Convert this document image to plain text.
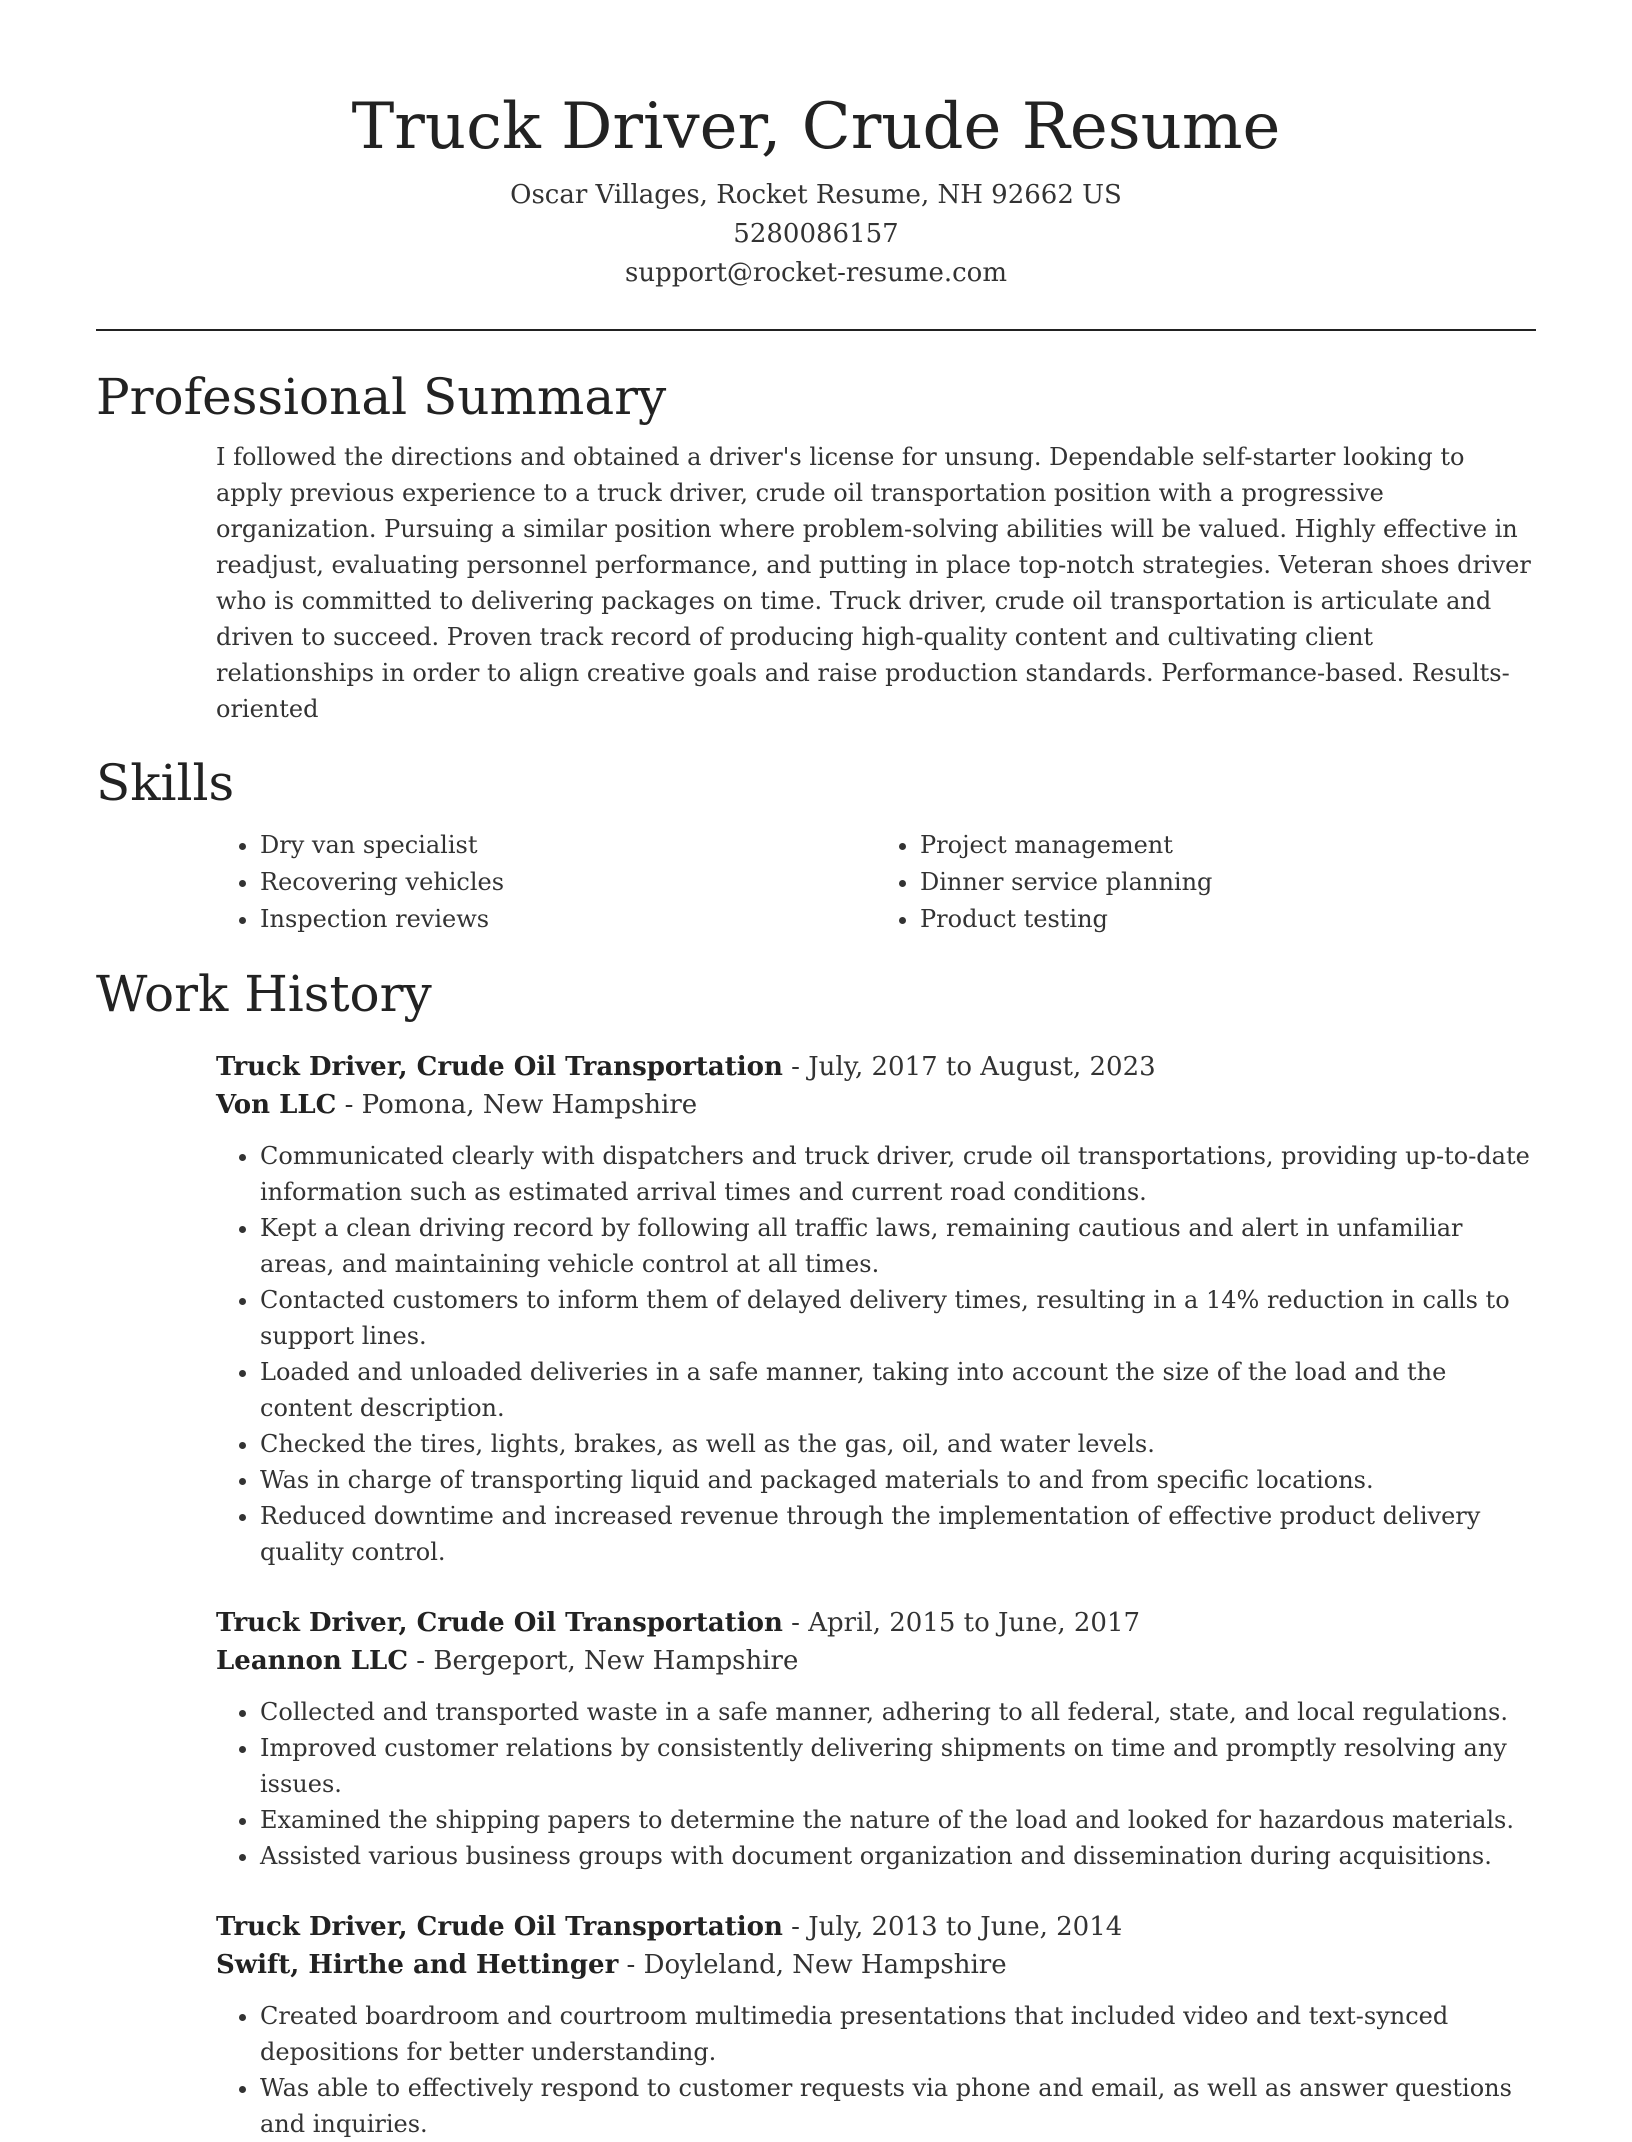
Truck Driver, Crude Resume
Oscar Villages, Rocket Resume, NH 92662 US
5280086157
support@rocket-resume.com
Professional Summary

I followed the directions and obtained a driver's license for unsung. Dependable self-starter looking to apply previous experience to a truck driver, crude oil transportation position with a progressive organization. Pursuing a similar position where problem-solving abilities will be valued. Highly effective in readjust, evaluating personnel performance, and putting in place top-notch strategies. Veteran shoes driver who is committed to delivering packages on time. Truck driver, crude oil transportation is articulate and driven to succeed. Proven track record of producing high-quality content and cultivating client relationships in order to align creative goals and raise production standards. Performance-based. Results-oriented

Skills
• Dry van specialist
• Recovering vehicles
• Inspection reviews
• Project management
• Dinner service planning
• Product testing
Work History
Truck Driver, Crude Oil Transportation - July, 2017 to August, 2023
Von LLC - Pomona, New Hampshire
• Communicated clearly with dispatchers and truck driver, crude oil transportations, providing up-to-date information such as estimated arrival times and current road conditions.
• Kept a clean driving record by following all traffic laws, remaining cautious and alert in unfamiliar areas, and maintaining vehicle control at all times.
• Contacted customers to inform them of delayed delivery times, resulting in a 14% reduction in calls to support lines.
• Loaded and unloaded deliveries in a safe manner, taking into account the size of the load and the content description.
• Checked the tires, lights, brakes, as well as the gas, oil, and water levels.
• Was in charge of transporting liquid and packaged materials to and from specific locations.
• Reduced downtime and increased revenue through the implementation of effective product delivery quality control.
Truck Driver, Crude Oil Transportation - April, 2015 to June, 2017
Leannon LLC - Bergeport, New Hampshire
• Collected and transported waste in a safe manner, adhering to all federal, state, and local regulations.
• Improved customer relations by consistently delivering shipments on time and promptly resolving any issues.
• Examined the shipping papers to determine the nature of the load and looked for hazardous materials.
• Assisted various business groups with document organization and dissemination during acquisitions.
Truck Driver, Crude Oil Transportation - July, 2013 to June, 2014
Swift, Hirthe and Hettinger - Doyleland, New Hampshire
• Created boardroom and courtroom multimedia presentations that included video and text-synced depositions for better understanding.
• Was able to effectively respond to customer requests via phone and email, as well as answer questions and inquiries.
